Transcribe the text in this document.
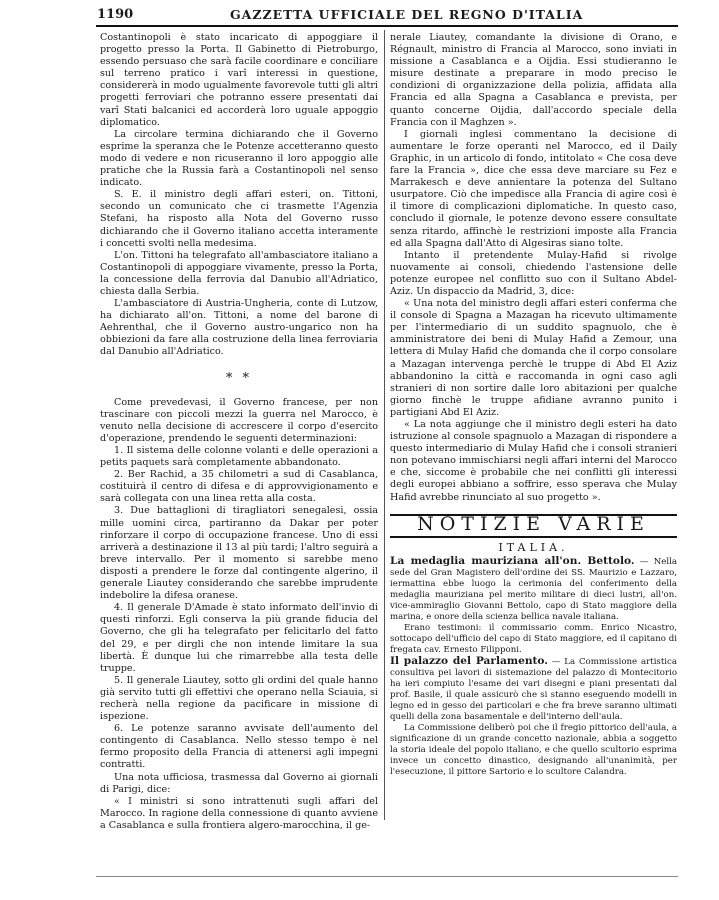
1190	GAZZETTA UFFICIALE DEL REGNO D'ITALIA

Costantinopoli è stato incaricato di appoggiare il progetto presso la Porta. Il Gabinetto di Pietroburgo, essendo persuaso che sarà facile coordinare e conciliare sul terreno pratico i varî interessi in questione, considererà in modo ugualmente favorevole tutti gli altri progetti ferroviari che potranno essere presentati dai varî Stati balcanici ed accorderà loro uguale appoggio diplomatico.

La circolare termina dichiarando che il Governo esprime la speranza che le Potenze accetteranno questo modo di vedere e non ricuseranno il loro appoggio alle pratiche che la Russia farà a Costantinopoli nel senso indicato.

S. E. il ministro degli affari esteri, on. Tittoni, secondo un comunicato che ci trasmette l'Agenzia Stefani, ha risposto alla Nota del Governo russo dichiarando che il Governo italiano accetta interamente i concetti svolti nella medesima.

L'on. Tittoni ha telegrafato all'ambasciatore italiano a Costantinopoli di appoggiare vivamente, presso la Porta, la concessione della ferrovia dal Danubio all'Adriatico, chiesta dalla Serbia.

L'ambasciatore di Austria-Ungheria, conte di Lutzow, ha dichiarato all'on. Tittoni, a nome del barone di Aehrenthal, che il Governo austro-ungarico non ha obbiezioni da fare alla costruzione della linea ferroviaria dal Danubio all'Adriatico.

* *

Come prevedevasi, il Governo francese, per non trascinare con piccoli mezzi la guerra nel Marocco, è venuto nella decisione di accrescere il corpo d'esercito d'operazione, prendendo le seguenti determinazioni:

1. Il sistema delle colonne volanti e delle operazioni a petits paquets sarà completamente abbandonato.

2. Ber Rachid, a 35 chilometri a sud di Casablanca, costituirà il centro di difesa e di approvvigionamento e sarà collegata con una linea retta alla costa.

3. Due battaglioni di tiragliatori senegalesi, ossia mille uomini circa, partiranno da Dakar per poter rinforzare il corpo di occupazione francese. Uno di essi arriverà a destinazione il 13 al più tardi; l'altro seguirà a breve intervallo. Per il momento si sarebbe meno disposti a prendere le forze dal contingente algerino, il generale Liautey considerando che sarebbe imprudente indebolire la difesa oranese.

4. Il generale D'Amade è stato informato dell'invio di questi rinforzi. Egli conserva la più grande fiducia del Governo, che gli ha telegrafato per felicitarlo del fatto del 29, e per dirgli che non intende limitare la sua libertà. È dunque lui che rimarrebbe alla testa delle truppe.

5. Il generale Liautey, sotto gli ordini del quale hanno già servito tutti gli effettivi che operano nella Sciauia, si recherà nella regione da pacificare in missione di ispezione.

6. Le potenze saranno avvisate dell'aumento del contingento di Casablanca. Nello stesso tempo è nel fermo proposito della Francia di attenersi agli impegni contratti.

Una nota ufficiosa, trasmessa dal Governo ai giornali di Parigi, dice:

« I ministri si sono intrattenuti sugli affari del Marocco. In ragione della connessione di quanto avviene a Casablanca e sulla frontiera algero-marocchina, il ge-

nerale Liautey, comandante la divisione di Orano, e Régnault, ministro di Francia al Marocco, sono inviati in missione a Casablanca e a Oijdia. Essi studieranno le misure destinate a preparare in modo preciso le condizioni di organizzazione della polizia, affidata alla Francia ed alla Spagna a Casablanca e prevista, per quanto concerne Oijdia, dall'accordo speciale della Francia con il Maghzen ».

I giornali inglesi commentano la decisione di aumentare le forze operanti nel Marocco, ed il Daily Graphic, in un articolo di fondo, intitolato « Che cosa deve fare la Francia », dice che essa deve marciare su Fez e Marrakesch e deve annientare la potenza del Sultano usurpatore. Ciò che impedisce alla Francia di agire così è il timore di complicazioni diplomatiche. In questo caso, concludo il giornale, le potenze devono essere consultate senza ritardo, affinchè le restrizioni imposte alla Francia ed alla Spagna dall'Atto di Algesiras siano tolte.

Intanto il pretendente Mulay-Hafid si rivolge nuovamente ai consoli, chiedendo l'astensione delle potenze europee nel conflitto suo con il Sultano Abdel-Aziz. Un dispaccio da Madrid, 3, dice:

« Una nota del ministro degli affari esteri conferma che il console di Spagna a Mazagan ha ricevuto ultimamente per l'intermediario di un suddito spagnuolo, che è amministratore dei beni di Mulay Hafid a Zemour, una lettera di Mulay Hafid che domanda che il corpo consolare a Mazagan intervenga perchè le truppe di Abd El Aziz abbandonino la città e raccomanda in ogni caso agli stranieri di non sortire dalle loro abitazioni per qualche giorno finchè le truppe afidiane avranno punito i partigiani Abd El Aziz.

« La nota aggiunge che il ministro degli esteri ha dato istruzione al console spagnuolo a Mazagan di rispondere a questo intermediario di Mulay Hafid che i consoli stranieri non potevano immischiarsi negli affari interni del Marocco e che, siccome è probabile che nei conflitti gli interessi degli europei abbiano a soffrire, esso sperava che Mulay Hafid avrebbe rinunciato al suo progetto ».

NOTIZIE VARIE
ITALIA.

La medaglia mauriziana all'on. Bettolo. — Nella sede del Gran Magistero dell'ordine dei SS. Maurizio e Lazzaro, iermattina ebbe luogo la cerimonia del conferimento della medaglia mauriziana pel merito militare di dieci lustri, all'on. vice-ammiraglio Giovanni Bettolo, capo di Stato maggiore della marina, e onore della scienza bellica navale italiana.

Erano testimoni: il commissario comm. Enrico Nicastro, sottocapo dell'ufficio del capo di Stato maggiore, ed il capitano di fregata cav. Ernesto Filipponi.

Il palazzo del Parlamento. — La Commissione artistica consultiva pei lavori di sistemazione del palazzo di Montecitorio ha ieri compiuto l'esame dei vari disegni e piani presentati dal prof. Basile, il quale assicurò che si stanno eseguendo modelli in legno ed in gesso dei particolari e che fra breve saranno ultimati quelli della zona basamentale e dell'interno dell'aula.

La Commissione deliberò poi che il fregio pittorico dell'aula, a significazione di un grande concetto nazionale, abbia a soggetto la storia ideale del popolo italiano, e che quello scultorio esprima invece un concetto dinastico, designando all'unanimità, per l'esecuzione, il pittore Sartorio e lo scultore Calandra.
